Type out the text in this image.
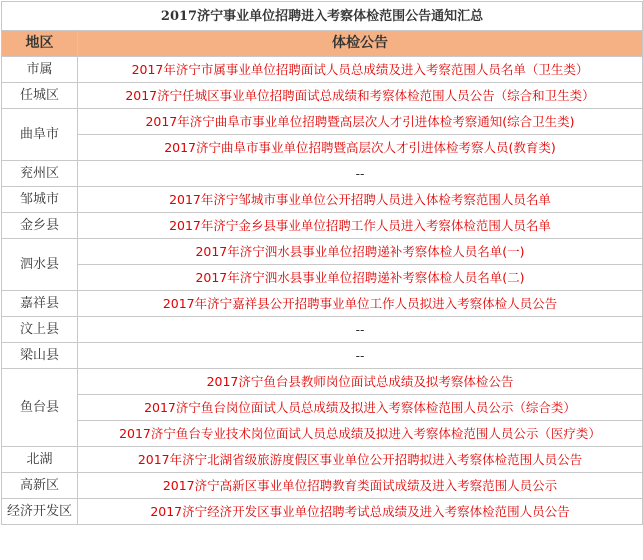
2017济宁事业单位招聘进入考察体检范围公告通知汇总	
地区	体检公告
市属	2017年济宁市属事业单位招聘面试人员总成绩及进入考察范围人员名单（卫生类）
任城区	2017济宁任城区事业单位招聘面试总成绩和考察体检范围人员公告（综合和卫生类）
曲阜市	2017年济宁曲阜市事业单位招聘暨高层次人才引进体检考察通知(综合卫生类)
	2017济宁曲阜市事业单位招聘暨高层次人才引进体检考察人员(教育类)
兖州区	--
邹城市	2017年济宁邹城市事业单位公开招聘人员进入体检考察范围人员名单
金乡县	2017年济宁金乡县事业单位招聘工作人员进入考察体检范围人员名单
泗水县	2017年济宁泗水县事业单位招聘递补考察体检人员名单(一)
	2017年济宁泗水县事业单位招聘递补考察体检人员名单(二)
嘉祥县	2017年济宁嘉祥县公开招聘事业单位工作人员拟进入考察体检人员公告
汶上县	--
梁山县	--
鱼台县	2017济宁鱼台县教师岗位面试总成绩及拟考察体检公告
	2017济宁鱼台岗位面试人员总成绩及拟进入考察体检范围人员公示（综合类）
	2017济宁鱼台专业技术岗位面试人员总成绩及拟进入考察体检范围人员公示（医疗类）
北湖	2017年济宁北湖省级旅游度假区事业单位公开招聘拟进入考察体检范围人员公告
高新区	2017济宁高新区事业单位招聘教育类面试成绩及进入考察范围人员公示
经济开发区	2017济宁经济开发区事业单位招聘考试总成绩及进入考察体检范围人员公告
